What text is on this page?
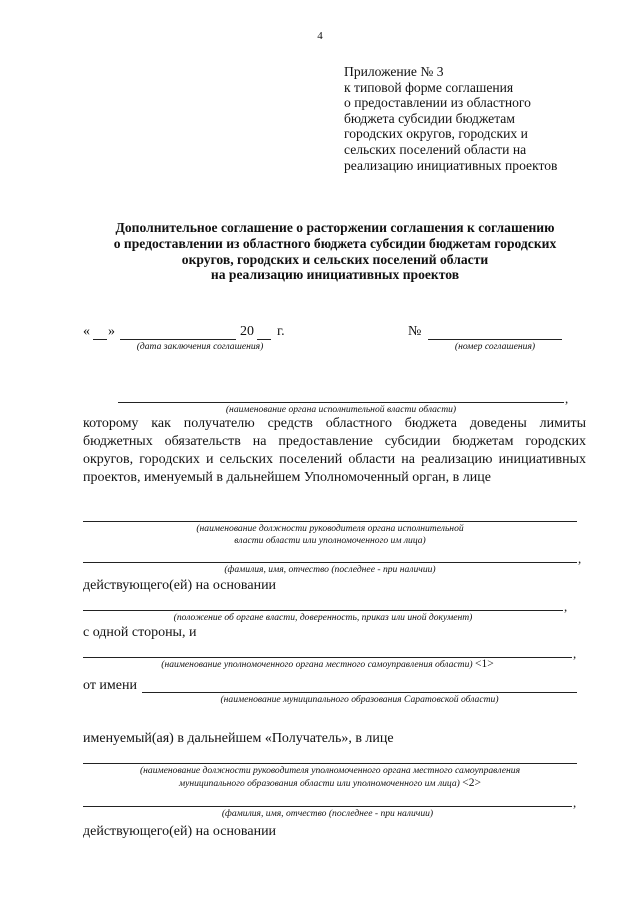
4
Приложение № 3
к типовой форме соглашения
о предоставлении из областного
бюджета субсидии бюджетам
городских округов, городских и
сельских поселений области на
реализацию инициативных проектов
Дополнительное соглашение о расторжении соглашения к соглашению
о предоставлении из областного бюджета субсидии бюджетам городских
округов, городских и сельских поселений области
на реализацию инициативных проектов
« »	20 г.
(дата заключения соглашения)
№
(номер соглашения)
,
(наименование органа исполнительной власти области)
которому как получателю средств областного бюджета доведены лимиты бюджетных обязательств на предоставление субсидии бюджетам городских округов, городских и сельских поселений области на реализацию инициативных проектов, именуемый в дальнейшем Уполномоченный орган, в лице
(наименование должности руководителя органа исполнительной
власти области или уполномоченного им лица)
,
(фамилия, имя, отчество (последнее - при наличии)
действующего(ей) на основании
,
(положение об органе власти, доверенность, приказ или иной документ)
с одной стороны, и
,
(наименование уполномоченного органа местного самоуправления области) <1>
от имени
(наименование муниципального образования Саратовской области)
именуемый(ая) в дальнейшем «Получатель», в лице
(наименование должности руководителя уполномоченного органа местного самоуправления
муниципального образования области или уполномоченного им лица) <2>
,
(фамилия, имя, отчество (последнее - при наличии)
действующего(ей) на основании
